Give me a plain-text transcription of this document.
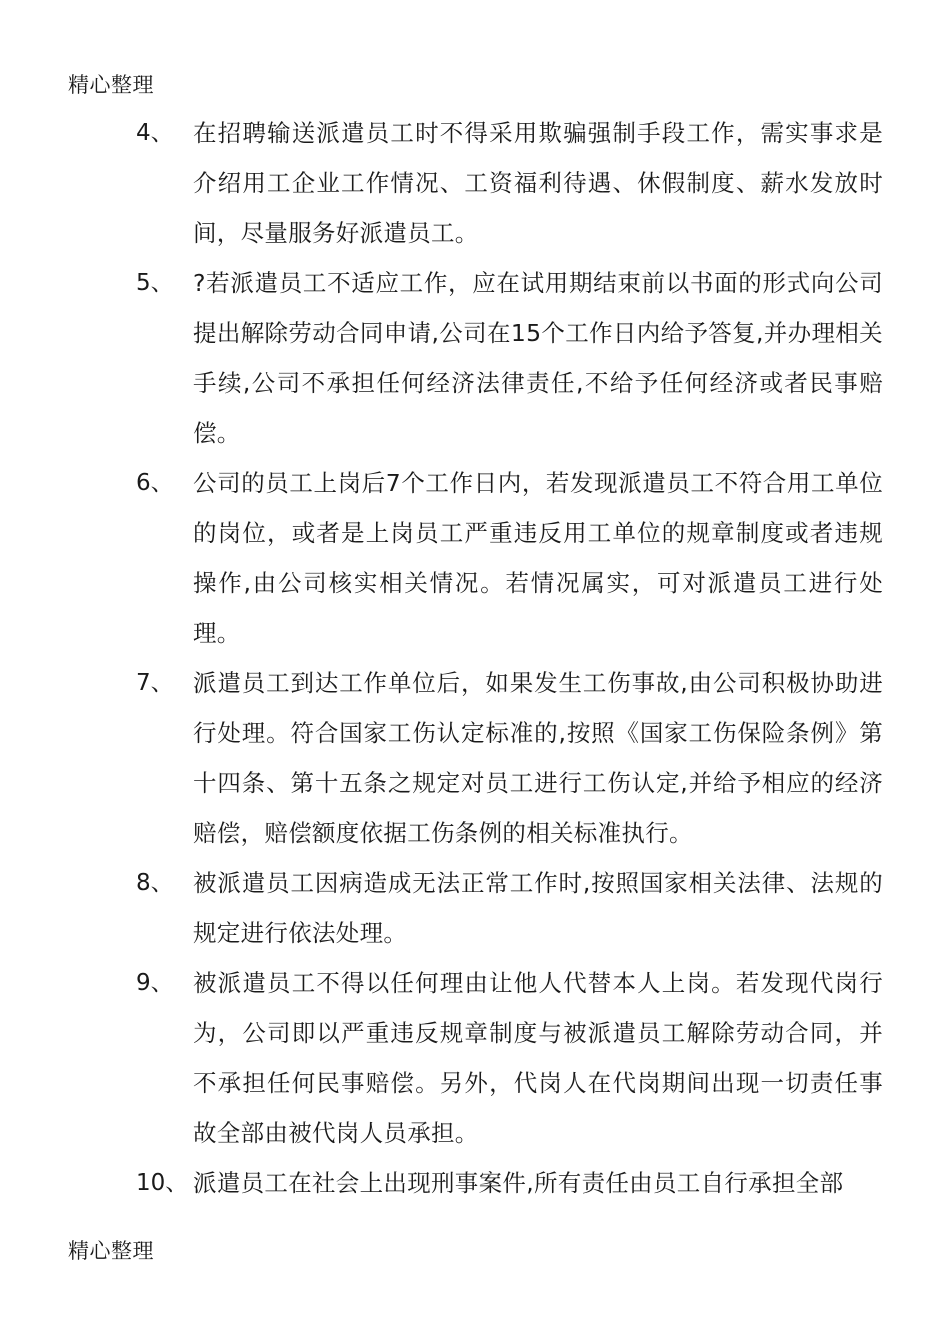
精心整理
4、 在招聘输送派遣员工时不得采用欺骗强制手段工作，需实事求是介绍用工企业工作情况、工资福利待遇、休假制度、薪水发放时间，尽量服务好派遣员工。
5、 ?若派遣员工不适应工作，应在试用期结束前以书面的形式向公司提出解除劳动合同申请,公司在15个工作日内给予答复,并办理相关手续,公司不承担任何经济法律责任,不给予任何经济或者民事赔偿。
6、 公司的员工上岗后7个工作日内，若发现派遣员工不符合用工单位的岗位，或者是上岗员工严重违反用工单位的规章制度或者违规操作,由公司核实相关情况。若情况属实，可对派遣员工进行处理。
7、 派遣员工到达工作单位后，如果发生工伤事故,由公司积极协助进行处理。符合国家工伤认定标准的,按照《国家工伤保险条例》第十四条、第十五条之规定对员工进行工伤认定,并给予相应的经济赔偿，赔偿额度依据工伤条例的相关标准执行。
8、 被派遣员工因病造成无法正常工作时,按照国家相关法律、法规的规定进行依法处理。
9、 被派遣员工不得以任何理由让他人代替本人上岗。若发现代岗行为，公司即以严重违反规章制度与被派遣员工解除劳动合同，并不承担任何民事赔偿。另外，代岗人在代岗期间出现一切责任事故全部由被代岗人员承担。
10、 派遣员工在社会上出现刑事案件,所有责任由员工自行承担全部
精心整理
